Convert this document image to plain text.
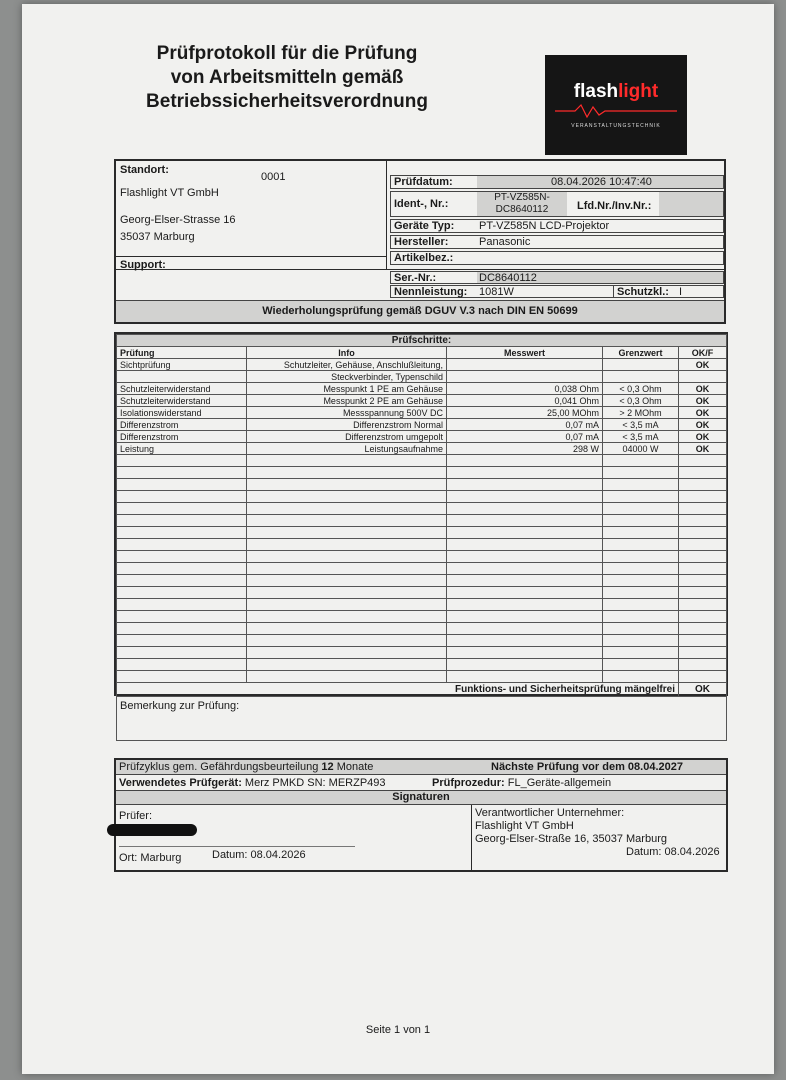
Prüfprotokoll für die Prüfung
von Arbeitsmitteln gemäß
Betriebssicherheitsverordnung	flashlight
VERANSTALTUNGSTECHNIK
Standort:
0001
Flashlight VT GmbH
Georg-Elser-Strasse 16
35037 Marburg
Support:
Prüfdatum:	08.04.2026 10:47:40
Ident-, Nr.:
PT-VZ585N-
DC8640112	Lfd.Nr./Inv.Nr.:
Geräte Typ: PT-VZ585N LCD-Projektor
Hersteller:	Panasonic
Artikelbez.:
Ser.-Nr.:	DC8640112
Nennleistung: 1081W	Schutzkl.: I
Wiederholungsprüfung gemäß DGUV V.3 nach DIN EN 50699
Prüfschritte:				
Prüfung	Info	Messwert	Grenzwert	OK/F
Sichtprüfung	Schutzleiter, Gehäuse, Anschlußleitung,			OK
	Steckverbinder, Typenschild			
Schutzleiterwiderstand	Messpunkt 1 PE am Gehäuse	0,038 Ohm	< 0,3 Ohm	OK
Schutzleiterwiderstand	Messpunkt 2 PE am Gehäuse	0,041 Ohm	< 0,3 Ohm	OK
Isolationswiderstand	Messspannung 500V DC	25,00 MOhm	> 2 MOhm	OK
Differenzstrom	Differenzstrom Normal	0,07 mA	< 3,5 mA	OK
Differenzstrom	Differenzstrom umgepolt	0,07 mA	< 3,5 mA	OK
Leistung	Leistungsaufnahme	298 W	04000 W	OK

Funktions- und Sicherheitsprüfung mängelfrei				OK
Bemerkung zur Prüfung:				
Prüfzyklus gem. Gefährdungsbeurteilung 12 Monate	Nächste Prüfung vor dem 08.04.2027
Verwendetes Prüfgerät: Merz PMKD SN: MERZP493	Prüfprozedur: FL_Geräte-allgemein
Signaturen
Prüfer:
Ort: Marburg	Datum: 08.04.2026
Verantwortlicher Unternehmer:
Flashlight VT GmbH
Georg-Elser-Straße 16, 35037 Marburg
Datum: 08.04.2026
Seite 1 von 1
